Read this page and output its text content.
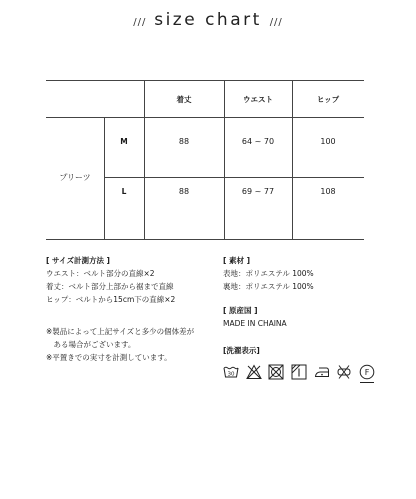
/// size chart ///
着丈	ウエスト	ヒップ
プリーツ
M	88	64 ~ 70	100
L	88	69 ~ 77	108
[ サイズ計測方法 ]
ウエスト：ベルト部分の直線×2
着丈：ベルト部分上部から裾まで直線
ヒップ：ベルトから15cm下の直線×2
※製品によって上記サイズと多少の個体差が
　ある場合がございます。
※平置きでの実寸を計測しています。
[ 素材 ]
表地：ポリエステル 100%
裏地：ポリエステル 100%
[ 原産国 ]
MADE IN CHAINA
[洗濯表示]
30	F
